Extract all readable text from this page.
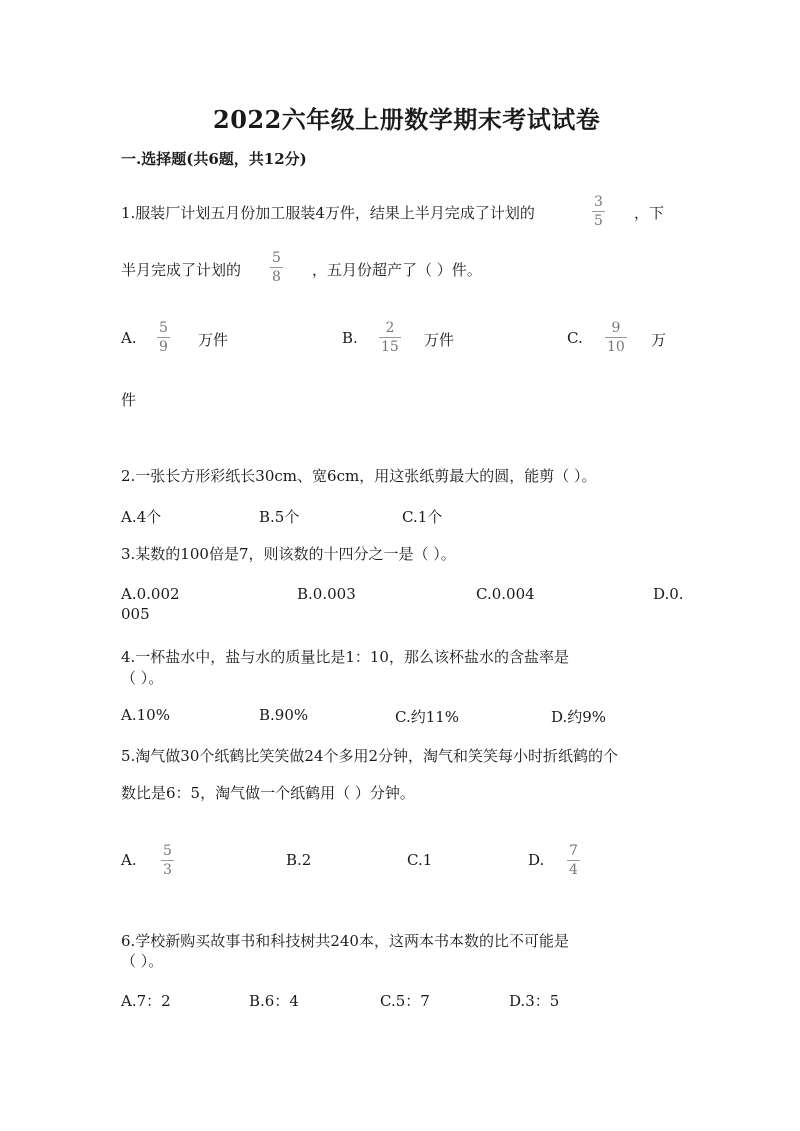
2022六年级上册数学期末考试试卷
一.选择题(共6题，共12分)
1.服装厂计划五月份加工服装4万件，结果上半月完成了计划的
3
5 ，下
半月完成了计划的
5
8 ，五月份超产了（ ）件。
A.
5
9 万件	B.
2
15 万件	C.
9
10 万
件
2.一张长方形彩纸长30cm、宽6cm，用这张纸剪最大的圆，能剪（ ）。
A.4个	B.5个	C.1个
3.某数的100倍是7，则该数的十四分之一是（ ）。
A.0.002	B.0.003	C.0.004	D.0.
005
4.一杯盐水中，盐与水的质量比是1：10，那么该杯盐水的含盐率是
（ ）。
A.10%	B.90%	C.约11%	D.约9%
5.淘气做30个纸鹤比笑笑做24个多用2分钟，淘气和笑笑每小时折纸鹤的个
数比是6：5，淘气做一个纸鹤用（ ）分钟。
A. 5
3
B.2	C.1	D. 7
4
6.学校新购买故事书和科技树共240本，这两本书本数的比不可能是
（ ）。
A.7：2	B.6：4	C.5：7	D.3：5
